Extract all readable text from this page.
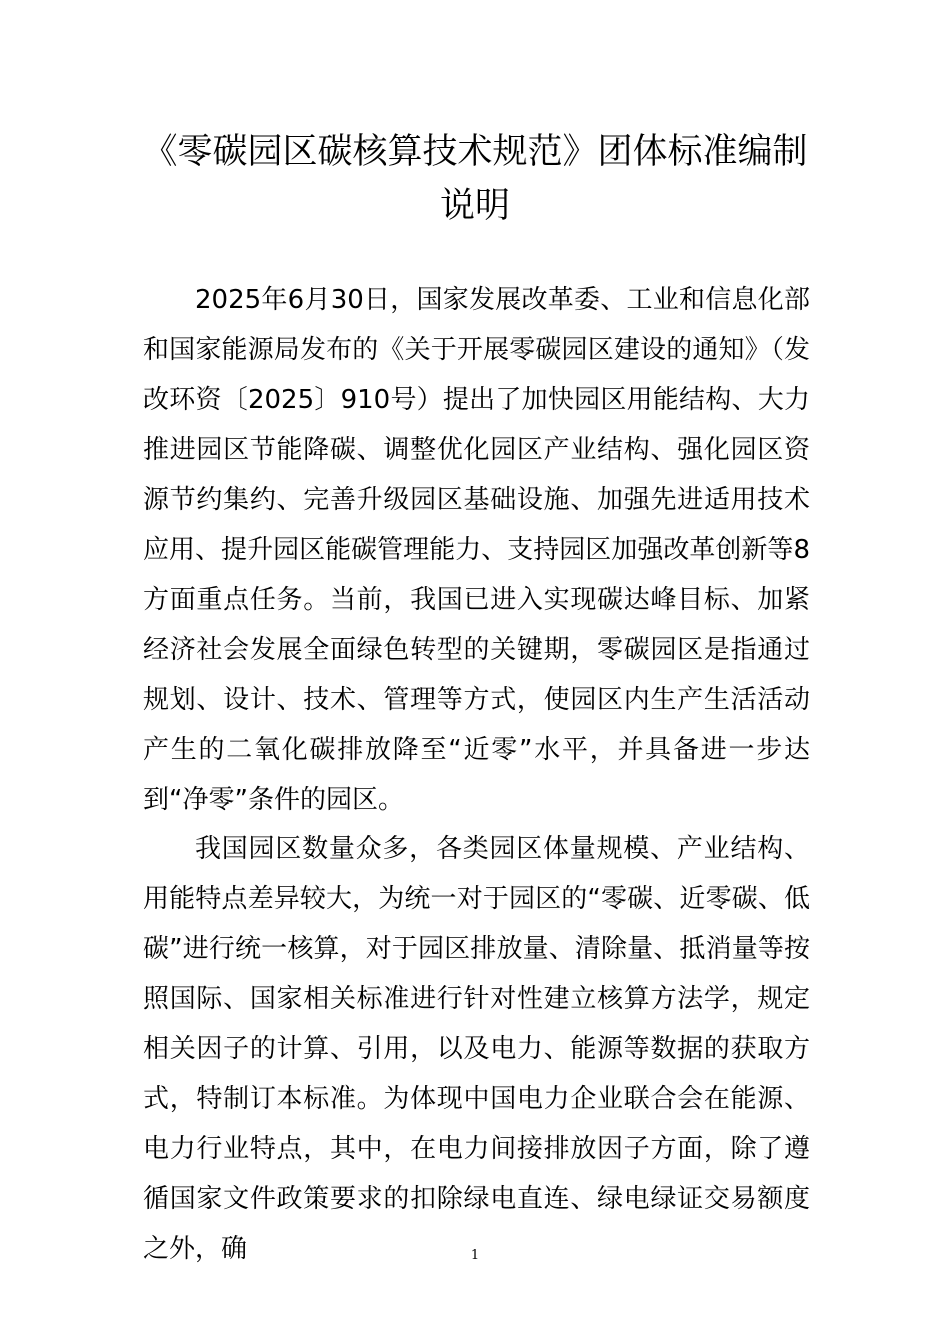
《零碳园区碳核算技术规范》团体标准编制
说明

2025年6月30日，国家发展改革委、工业和信息化部和国家能源局发布的《关于开展零碳园区建设的通知》（发改环资〔2025〕910号）提出了加快园区用能结构、大力推进园区节能降碳、调整优化园区产业结构、强化园区资源节约集约、完善升级园区基础设施、加强先进适用技术应用、提升园区能碳管理能力、支持园区加强改革创新等8方面重点任务。当前，我国已进入实现碳达峰目标、加紧经济社会发展全面绿色转型的关键期，零碳园区是指通过规划、设计、技术、管理等方式，使园区内生产生活活动产生的二氧化碳排放降至“近零”水平，并具备进一步达到“净零”条件的园区。

我国园区数量众多，各类园区体量规模、产业结构、用能特点差异较大，为统一对于园区的“零碳、近零碳、低碳”进行统一核算，对于园区排放量、清除量、抵消量等按照国际、国家相关标准进行针对性建立核算方法学，规定相关因子的计算、引用，以及电力、能源等数据的获取方式，特制订本标准。为体现中国电力企业联合会在能源、电力行业特点，其中，在电力间接排放因子方面，除了遵循国家文件政策要求的扣除绿电直连、绿电绿证交易额度之外，确	1
